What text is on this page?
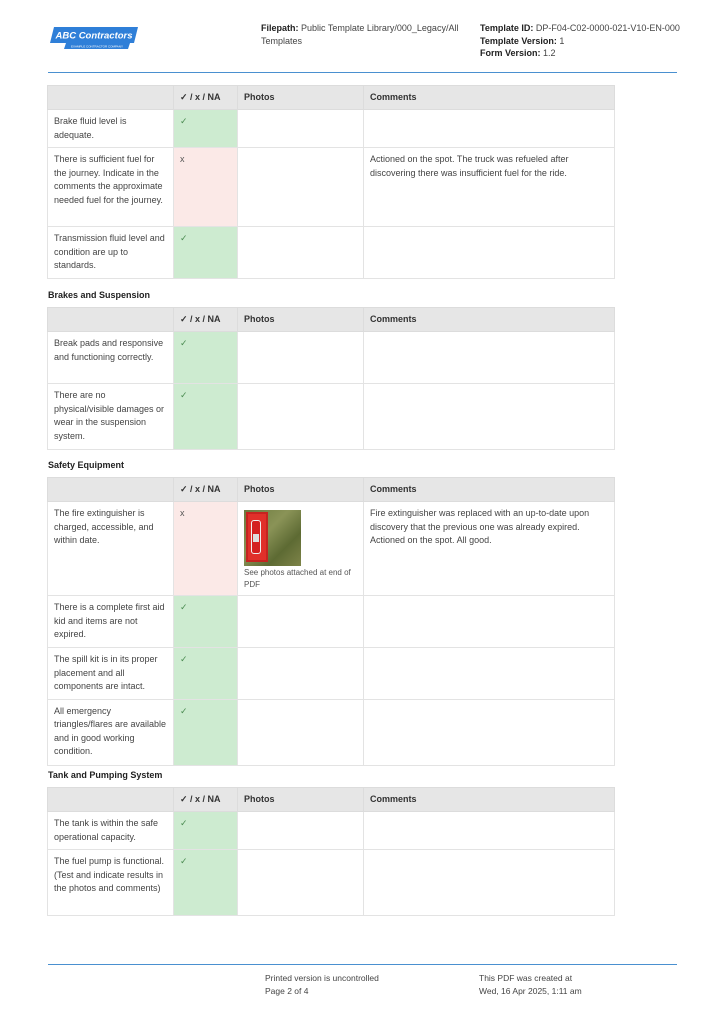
ABC Contractors
EXAMPLE CONTRACTOR COMPANY
Filepath: Public Template Library/000_Legacy/All Templates
Template ID: DP-F04-C02-0000-021-V10-EN-000
Template Version: 1
Form Version: 1.2
	✓ / x / NA	Photos	Comments
Brake fluid level is adequate.	✓		
There is sufficient fuel for the journey. Indicate in the comments the approximate needed fuel for the journey.	x		Actioned on the spot. The truck was refueled after discovering there was insufficient fuel for the ride.
Transmission fluid level and condition are up to standards.	✓		
Brakes and Suspension
	✓ / x / NA	Photos	Comments
Break pads and responsive and functioning correctly.	✓		
There are no physical/visible damages or wear in the suspension system.	✓		
Safety Equipment
	✓ / x / NA	Photos	Comments
The fire extinguisher is charged, accessible, and within date.	x	See photos attached at end of PDF	Fire extinguisher was replaced with an up-to-date upon discovery that the previous one was already expired. Actioned on the spot. All good.
There is a complete first aid kid and items are not expired.	✓		
The spill kit is in its proper placement and all components are intact.	✓		
All emergency triangles/flares are available and in good working condition.	✓		
Tank and Pumping System
	✓ / x / NA	Photos	Comments
The tank is within the safe operational capacity.	✓		
The fuel pump is functional. (Test and indicate results in the photos and comments)	✓		
Printed version is uncontrolled
Page 2 of 4
This PDF was created at
Wed, 16 Apr 2025, 1:11 am
